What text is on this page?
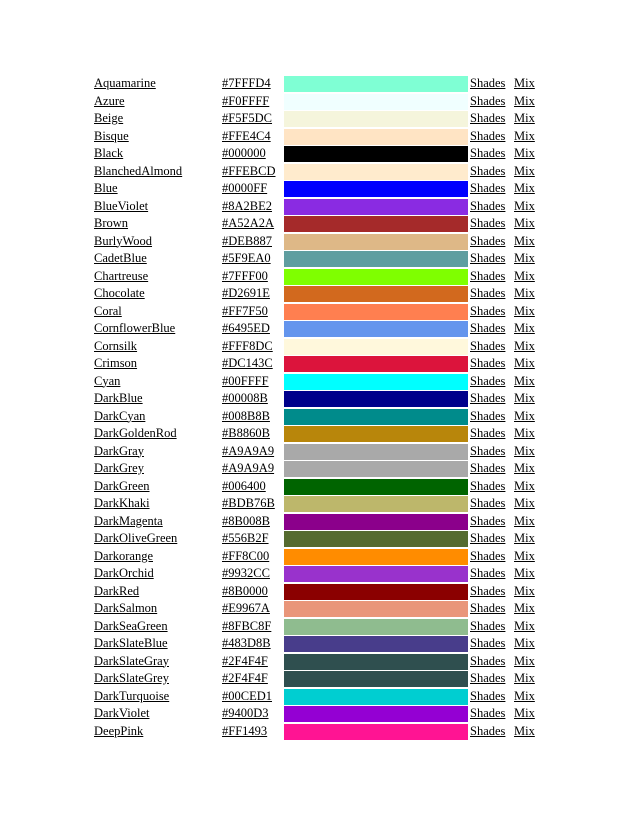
Aquamarine	#7FFFD4	Shades Mix
Azure	#F0FFFF	Shades Mix
Beige	#F5F5DC	Shades Mix
Bisque	#FFE4C4	Shades Mix
Black	#000000	Shades Mix
BlanchedAlmond	#FFEBCD	Shades Mix
Blue	#0000FF	Shades Mix
BlueViolet	#8A2BE2	Shades Mix
Brown	#A52A2A	Shades Mix
BurlyWood	#DEB887	Shades Mix
CadetBlue	#5F9EA0	Shades Mix
Chartreuse	#7FFF00	Shades Mix
Chocolate	#D2691E	Shades Mix
Coral	#FF7F50	Shades Mix
CornflowerBlue	#6495ED	Shades Mix
Cornsilk	#FFF8DC	Shades Mix
Crimson	#DC143C	Shades Mix
Cyan	#00FFFF	Shades Mix
DarkBlue	#00008B	Shades Mix
DarkCyan	#008B8B	Shades Mix
DarkGoldenRod	#B8860B	Shades Mix
DarkGray	#A9A9A9	Shades Mix
DarkGrey	#A9A9A9	Shades Mix
DarkGreen	#006400	Shades Mix
DarkKhaki	#BDB76B	Shades Mix
DarkMagenta	#8B008B	Shades Mix
DarkOliveGreen	#556B2F	Shades Mix
Darkorange	#FF8C00	Shades Mix
DarkOrchid	#9932CC	Shades Mix
DarkRed	#8B0000	Shades Mix
DarkSalmon	#E9967A	Shades Mix
DarkSeaGreen	#8FBC8F	Shades Mix
DarkSlateBlue	#483D8B	Shades Mix
DarkSlateGray	#2F4F4F	Shades Mix
DarkSlateGrey	#2F4F4F	Shades Mix
DarkTurquoise	#00CED1	Shades Mix
DarkViolet	#9400D3	Shades Mix
DeepPink	#FF1493	Shades Mix
